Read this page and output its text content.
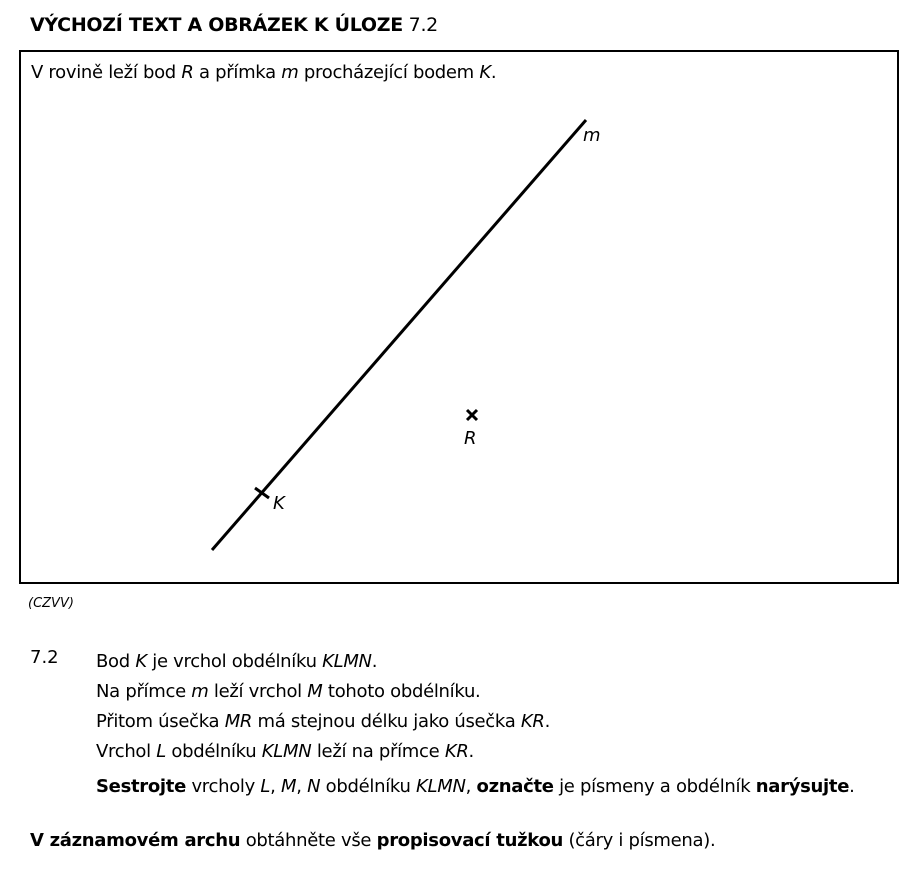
VÝCHOZÍ TEXT A OBRÁZEK K ÚLOZE 7.2
V rovině leží bod R a přímka m procházející bodem K.
m
K
R
(CZVV)
7.2 Bod K je vrchol obdélníku KLMN.
Na přímce m leží vrchol M tohoto obdélníku.
Přitom úsečka MR má stejnou délku jako úsečka KR.
Vrchol L obdélníku KLMN leží na přímce KR.
Sestrojte vrcholy L, M, N obdélníku KLMN, označte je písmeny a obdélník narýsujte.
V záznamovém archu obtáhněte vše propisovací tužkou (čáry i písmena).
